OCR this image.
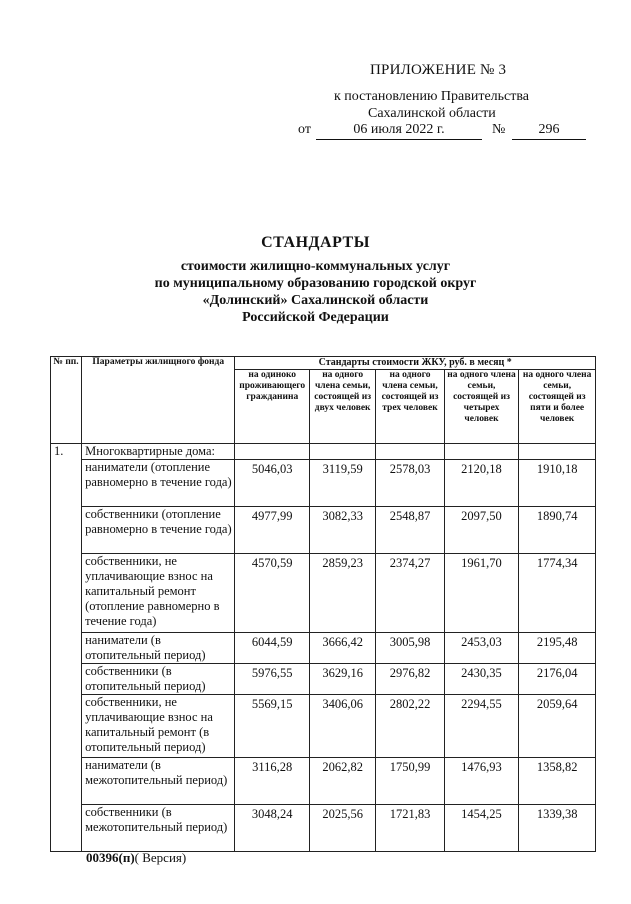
ПРИЛОЖЕНИЕ № 3
к постановлению Правительства
Сахалинской области
от	06 июля 2022 г.	№	296
СТАНДАРТЫ
стоимости жилищно-коммунальных услуг
по муниципальному образованию городской округ
«Долинский» Сахалинской области
Российской Федерации
№ пп.	Параметры жилищного фонда	Стандарты стоимости ЖКУ, руб. в месяц *				
		на одиноко проживающего гражданина	на одного члена семьи, состоящей из двух человек	на одного члена семьи, состоящей из трех человек	на одного члена семьи, состоящей из четырех человек	на одного члена семьи, состоящей из пяти и более человек
1.	Многоквартирные дома:					
	наниматели (отопление равномерно в течение года)	5046,03	3119,59	2578,03	2120,18	1910,18
	собственники (отопление равномерно в течение года)	4977,99	3082,33	2548,87	2097,50	1890,74
	собственники, не уплачивающие взнос на капитальный ремонт (отопление равномерно в течение года)	4570,59	2859,23	2374,27	1961,70	1774,34
	наниматели (в отопительный период)	6044,59	3666,42	3005,98	2453,03	2195,48
	собственники (в отопительный период)	5976,55	3629,16	2976,82	2430,35	2176,04
	собственники, не уплачивающие взнос на капитальный ремонт (в отопительный период)	5569,15	3406,06	2802,22	2294,55	2059,64
	наниматели (в межотопительный период)	3116,28	2062,82	1750,99	1476,93	1358,82
	собственники (в межотопительный период)	3048,24	2025,56	1721,83	1454,25	1339,38
00396(п)( Версия)
